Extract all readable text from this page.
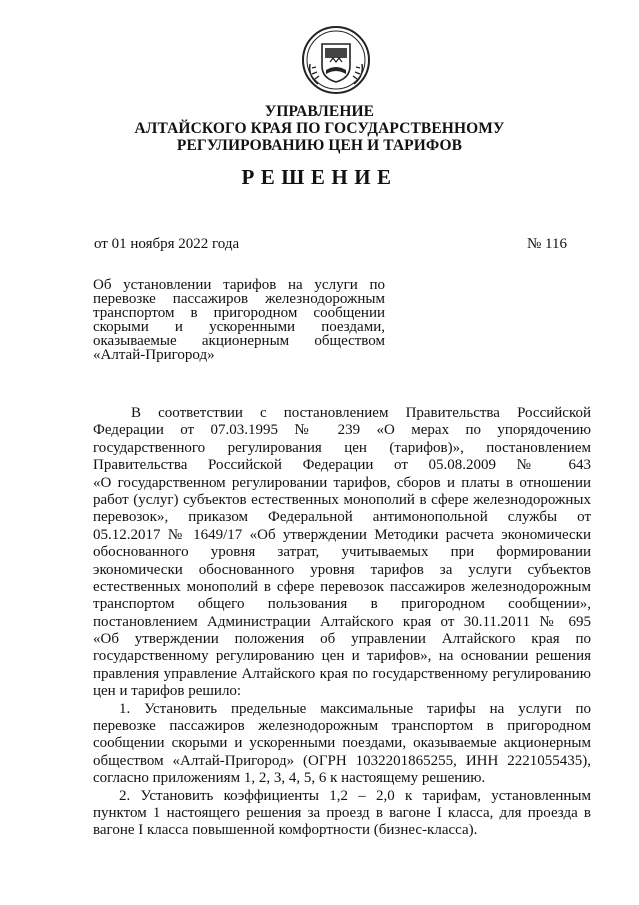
УПРАВЛЕНИЕ
АЛТАЙСКОГО КРАЯ ПО ГОСУДАРСТВЕННОМУ
РЕГУЛИРОВАНИЮ ЦЕН И ТАРИФОВ
РЕШЕНИЕ
от 01 ноября 2022 года	№ 116
Об установлении тарифов на услуги по
перевозке пассажиров железнодорожным
транспортом в пригородном сообщении
скорыми и ускоренными поездами,
оказываемые акционерным обществом
«Алтай-Пригород»
В соответствии с постановлением Правительства Российской
Федерации от 07.03.1995 № 239 «О мерах по упорядочению
государственного регулирования цен (тарифов)», постановлением
Правительства Российской Федерации от 05.08.2009 № 643
«О государственном регулировании тарифов, сборов и платы в отношении
работ (услуг) субъектов естественных монополий в сфере железнодорожных
перевозок», приказом Федеральной антимонопольной службы от
05.12.2017 № 1649/17 «Об утверждении Методики расчета экономически
обоснованного уровня затрат, учитываемых при формировании
экономически обоснованного уровня тарифов за услуги субъектов
естественных монополий в сфере перевозок пассажиров железнодорожным
транспортом общего пользования в пригородном сообщении»,
постановлением Администрации Алтайского края от 30.11.2011 № 695
«Об утверждении положения об управлении Алтайского края по
государственному регулированию цен и тарифов», на основании решения
правления управление Алтайского края по государственному регулированию
цен и тарифов решило:
1. Установить предельные максимальные тарифы на услуги по
перевозке пассажиров железнодорожным транспортом в пригородном
сообщении скорыми и ускоренными поездами, оказываемые акционерным
обществом «Алтай-Пригород» (ОГРН 1032201865255, ИНН 2221055435),
согласно приложениям 1, 2, 3, 4, 5, 6 к настоящему решению.
2. Установить коэффициенты 1,2 – 2,0 к тарифам, установленным
пунктом 1 настоящего решения за проезд в вагоне I класса, для проезда в
вагоне I класса повышенной комфортности (бизнес-класса).
